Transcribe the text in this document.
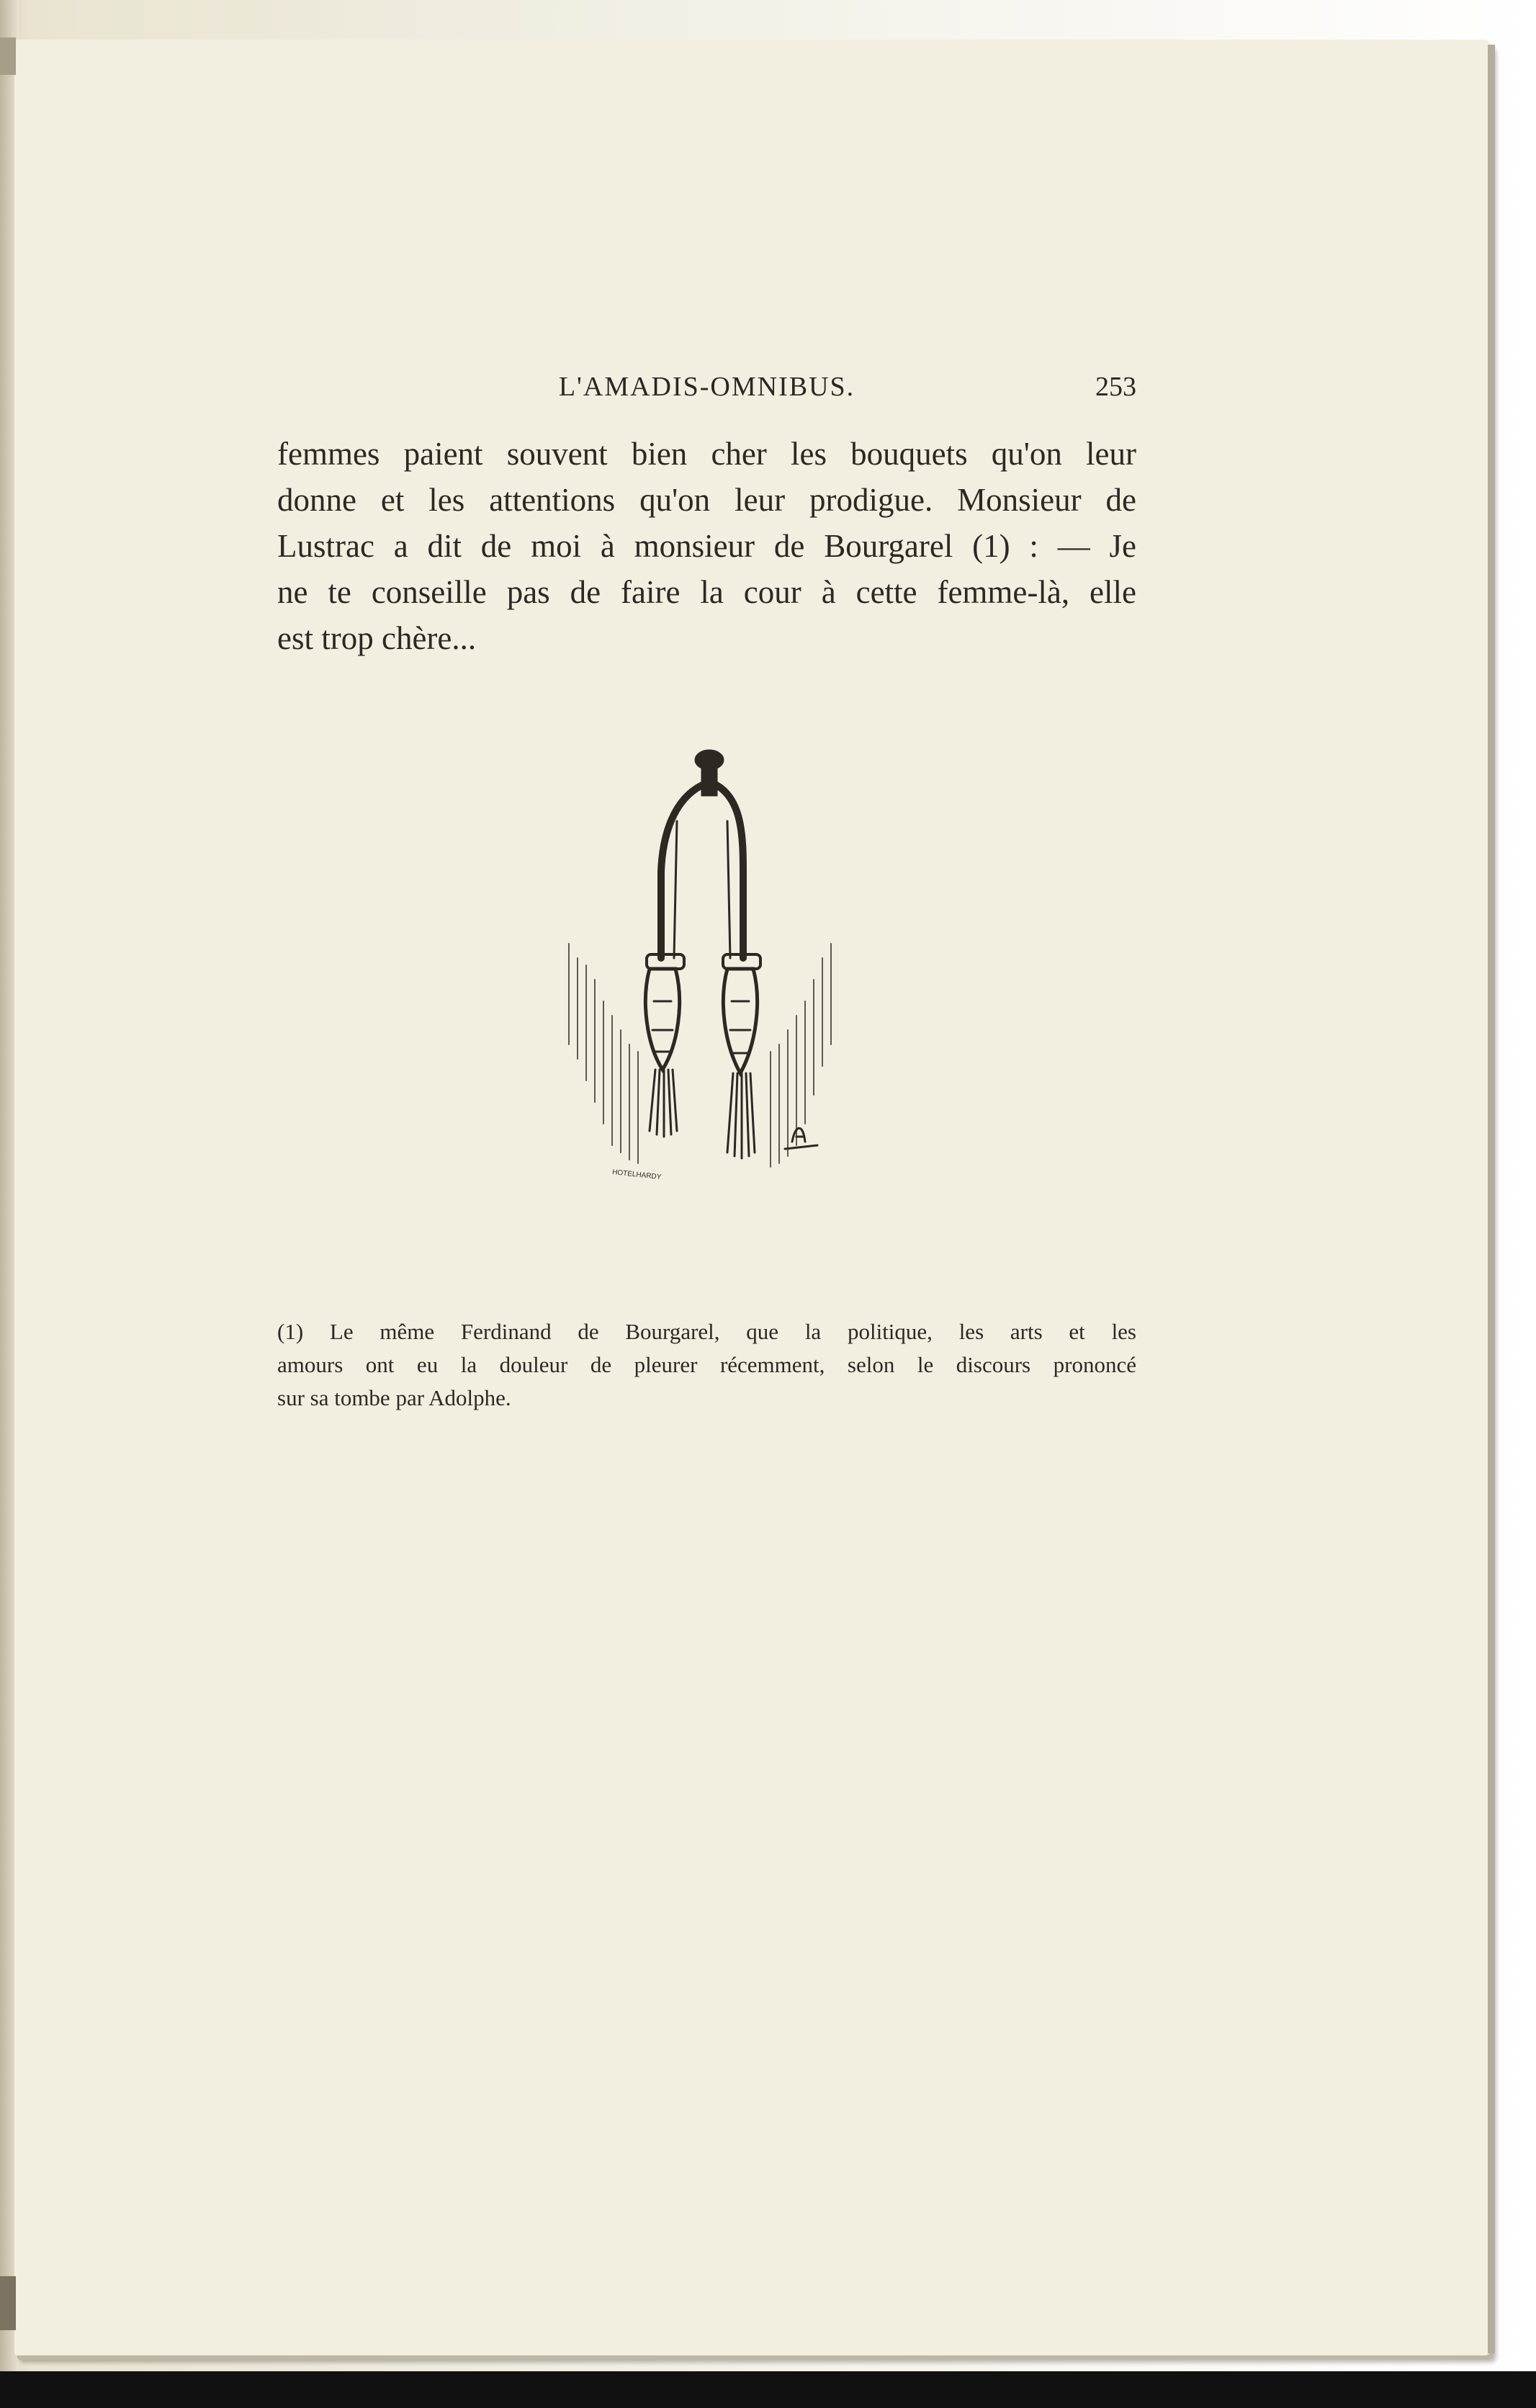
L'AMADIS-OMNIBUS.	253
femmes paient souvent bien cher les bouquets qu'on leur
donne et les attentions qu'on leur prodigue. Monsieur de
Lustrac a dit de moi à monsieur de Bourgarel (1) : — Je
ne te conseille pas de faire la cour à cette femme-là, elle
est trop chère...
HOTELHARDY
(1) Le même Ferdinand de Bourgarel, que la politique, les arts et les
amours ont eu la douleur de pleurer récemment, selon le discours prononcé
sur sa tombe par Adolphe.
